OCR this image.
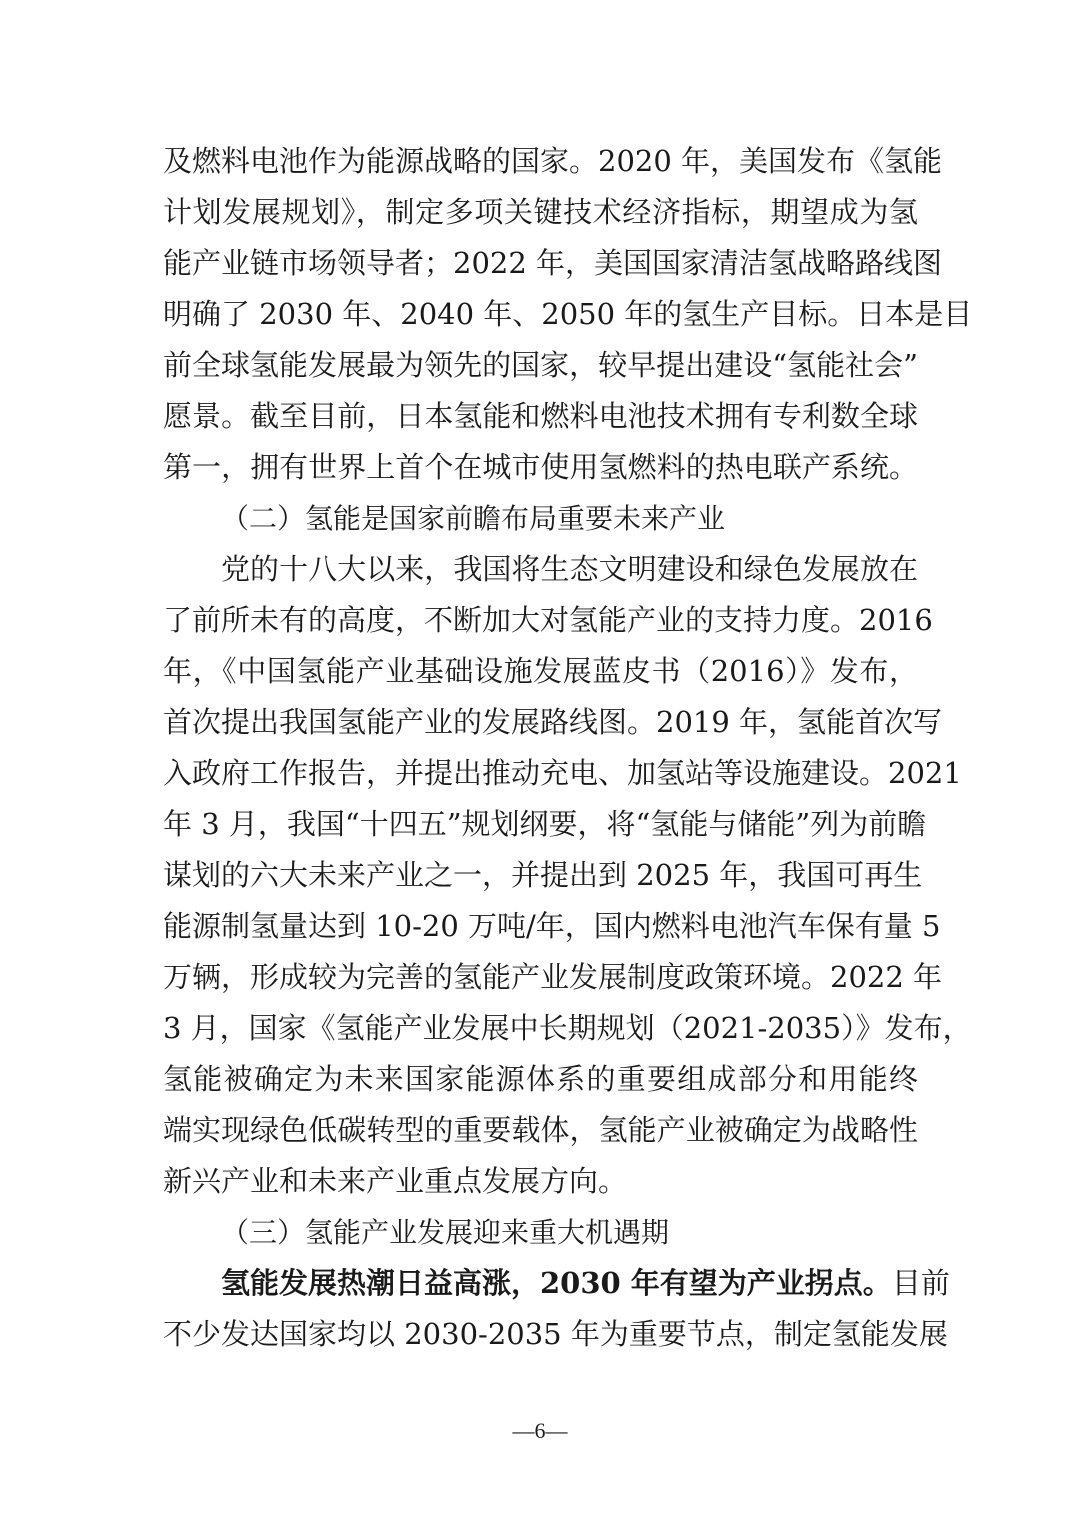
及燃料电池作为能源战略的国家。2020 年，美国发布《氢能
计划发展规划》，制定多项关键技术经济指标，期望成为氢
能产业链市场领导者；2022 年，美国国家清洁氢战略路线图
明确了 2030 年、2040 年、2050 年的氢生产目标。日本是目
前全球氢能发展最为领先的国家，较早提出建设“氢能社会”
愿景。截至目前，日本氢能和燃料电池技术拥有专利数全球
第一，拥有世界上首个在城市使用氢燃料的热电联产系统。
（二）氢能是国家前瞻布局重要未来产业
党的十八大以来，我国将生态文明建设和绿色发展放在
了前所未有的高度，不断加大对氢能产业的支持力度。2016
年，《中国氢能产业基础设施发展蓝皮书（2016）》发布，
首次提出我国氢能产业的发展路线图。2019 年，氢能首次写
入政府工作报告，并提出推动充电、加氢站等设施建设。2021
年 3 月，我国“十四五”规划纲要，将“氢能与储能”列为前瞻
谋划的六大未来产业之一，并提出到 2025 年，我国可再生
能源制氢量达到 10-20 万吨/年，国内燃料电池汽车保有量 5
万辆，形成较为完善的氢能产业发展制度政策环境。2022 年
3 月，国家《氢能产业发展中长期规划（2021-2035）》发布，
氢能被确定为未来国家能源体系的重要组成部分和用能终
端实现绿色低碳转型的重要载体，氢能产业被确定为战略性
新兴产业和未来产业重点发展方向。
（三）氢能产业发展迎来重大机遇期
氢能发展热潮日益高涨，2030 年有望为产业拐点。目前
不少发达国家均以 2030-2035 年为重要节点，制定氢能发展
—6—
